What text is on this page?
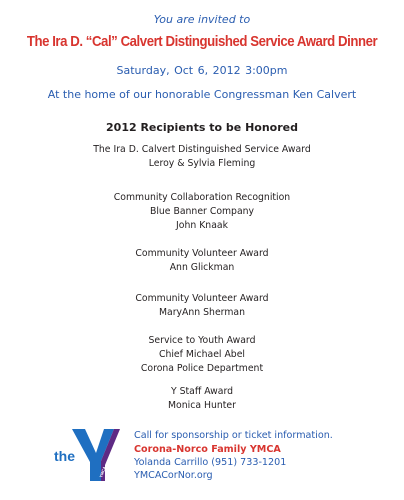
You are invited to
The Ira D. “Cal” Calvert Distinguished Service Award Dinner
Saturday, Oct 6, 2012 3:00pm
At the home of our honorable Congressman Ken Calvert
2012 Recipients to be Honored
The Ira D. Calvert Distinguished Service Award
Leroy & Sylvia Fleming
Community Collaboration Recognition
Blue Banner Company
John Knaak
Community Volunteer Award
Ann Glickman
Community Volunteer Award
MaryAnn Sherman
Service to Youth Award
Chief Michael Abel
Corona Police Department
Y Staff Award
Monica Hunter
the
YMCA
Call for sponsorship or ticket information.
Corona-Norco Family YMCA
Yolanda Carrillo (951) 733-1201
YMCACorNor.org
